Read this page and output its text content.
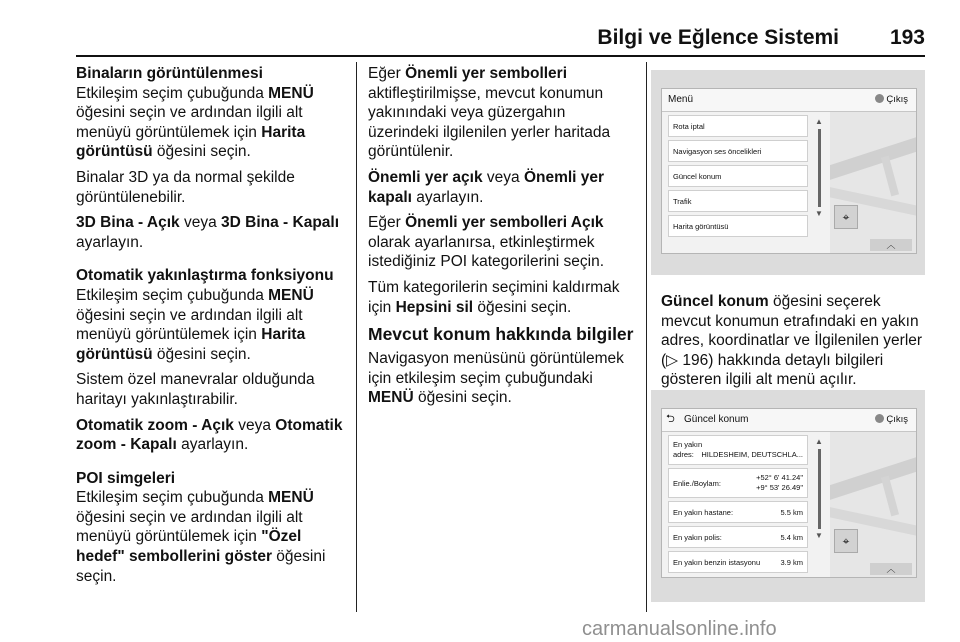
Bilgi ve Eğlence Sistemi 193
Binaların görüntülenmesi

Etkileşim seçim çubuğunda MENÜ öğesini seçin ve ardından ilgili alt menüyü görüntülemek için Harita görüntüsü öğesini seçin.

Binalar 3D ya da normal şekilde görüntülenebilir.

3D Bina - Açık veya 3D Bina - Kapalı ayarlayın.

Otomatik yakınlaştırma fonksiyonu

Etkileşim seçim çubuğunda MENÜ öğesini seçin ve ardından ilgili alt menüyü görüntülemek için Harita görüntüsü öğesini seçin.

Sistem özel manevralar olduğunda haritayı yakınlaştırabilir.

Otomatik zoom - Açık veya Otomatik zoom - Kapalı ayarlayın.

POI simgeleri

Etkileşim seçim çubuğunda MENÜ öğesini seçin ve ardından ilgili alt menüyü görüntülemek için "Özel hedef" sembollerini göster öğesini seçin.

Eğer Önemli yer sembolleri aktifleştirilmişse, mevcut konumun yakınındaki veya güzergahın üzerindeki ilgilenilen yerler haritada görüntülenir.

Önemli yer açık veya Önemli yer kapalı ayarlayın.

Eğer Önemli yer sembolleri Açık olarak ayarlanırsa, etkinleştirmek istediğiniz POI kategorilerini seçin.

Tüm kategorilerin seçimini kaldırmak için Hepsini sil öğesini seçin.

Mevcut konum hakkında bilgiler

Navigasyon menüsünü görüntülemek için etkileşim seçim çubuğundaki MENÜ öğesini seçin.

Menü	Çıkış
Rota iptal
Navigasyon ses öncelikleri
Güncel konum
Trafik
Harita görüntüsü
▲
▼	⌖
︿

Güncel konum öğesini seçerek mevcut konumun etrafındaki en yakın adres, koordinatlar ve İlgilenilen yerler (▷ 196) hakkında detaylı bilgileri gösteren ilgili alt menü açılır.

⮌ Güncel konum	Çıkış
En yakın
adres: HILDESHEIM, DEUTSCHLA...
Enlie./Boylam:
+52° 6' 41.24"
+9° 53' 26.49"
En yakın hastane:	5.5 km
En yakın polis:	5.4 km
En yakın benzin istasyonu	3.9 km
▲
▼	⌖
︿
carmanualsonline.info
